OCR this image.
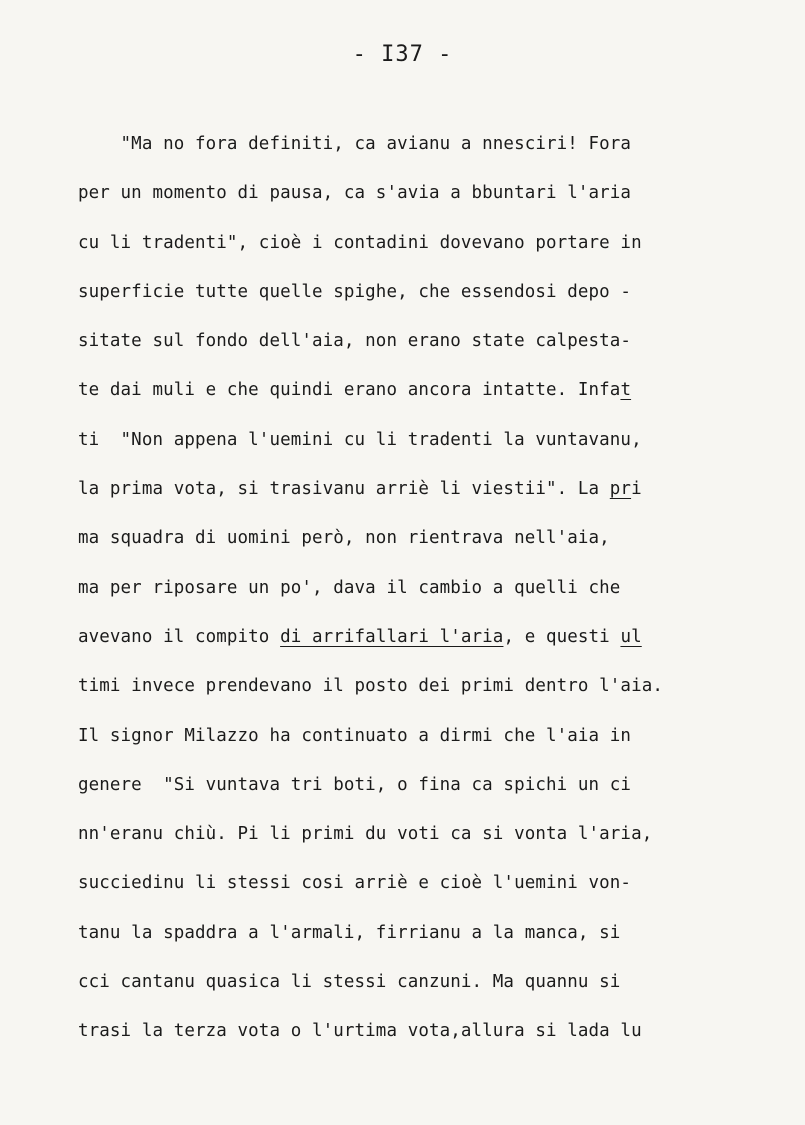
- I37 -
"Ma no fora definiti, ca avianu a nnesciri! Fora
per un momento di pausa, ca s'avia a bbuntari l'aria
cu li tradenti", cioè i contadini dovevano portare in
superficie tutte quelle spighe, che essendosi depo -
sitate sul fondo dell'aia, non erano state calpesta-
te dai muli e che quindi erano ancora intatte. Infat
ti  "Non appena l'uemini cu li tradenti la vuntavanu,
la prima vota, si trasivanu arriè li viestii". La pri
ma squadra di uomini però, non rientrava nell'aia,
ma per riposare un po', dava il cambio a quelli che
avevano il compito di arrifallari l'aria, e questi ul
timi invece prendevano il posto dei primi dentro l'aia.
Il signor Milazzo ha continuato a dirmi che l'aia in
genere  "Si vuntava tri boti, o fina ca spichi un ci
nn'eranu chiù. Pi li primi du voti ca si vonta l'aria,
succiedinu li stessi cosi arriè e cioè l'uemini von-
tanu la spaddra a l'armali, firrianu a la manca, si
cci cantanu quasica li stessi canzuni. Ma quannu si
trasi la terza vota o l'urtima vota,allura si lada lu
